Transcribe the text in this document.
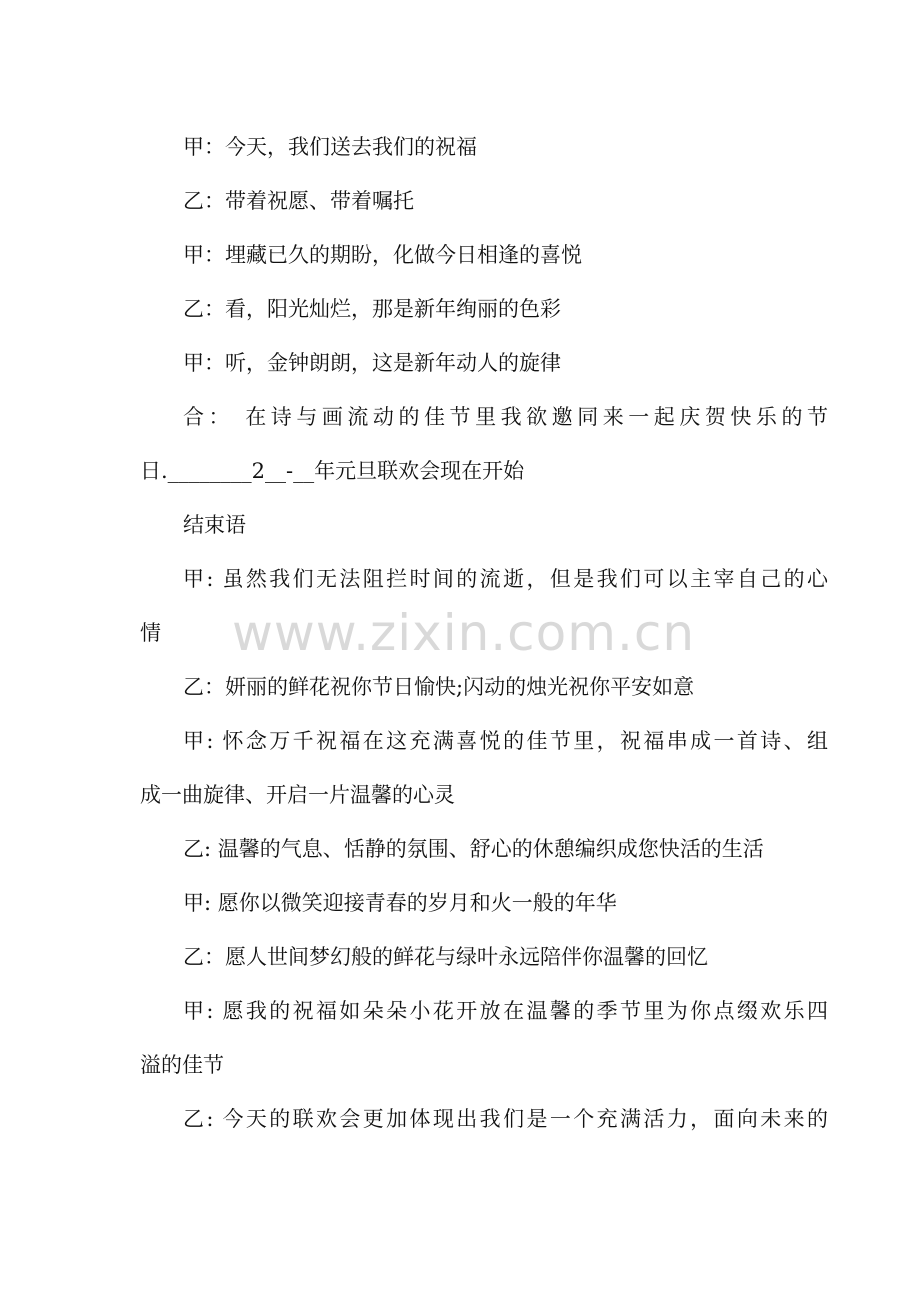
甲：今天，我们送去我们的祝福

乙：带着祝愿、带着嘱托

甲：埋藏已久的期盼，化做今日相逢的喜悦

乙：看，阳光灿烂，那是新年绚丽的色彩

甲：听，金钟朗朗，这是新年动人的旋律

合： 在诗与画流动的佳节里我欲邀同来一起庆贺快乐的节

日.________2__-__年元旦联欢会现在开始

结束语

甲: 虽然我们无法阻拦时间的流逝，但是我们可以主宰自己的心

情

乙：妍丽的鲜花祝你节日愉快;闪动的烛光祝你平安如意

甲: 怀念万千祝福在这充满喜悦的佳节里，祝福串成一首诗、组

成一曲旋律、开启一片温馨的心灵

乙: 温馨的气息、恬静的氛围、舒心的休憩编织成您快活的生活

甲: 愿你以微笑迎接青春的岁月和火一般的年华

乙：愿人世间梦幻般的鲜花与绿叶永远陪伴你温馨的回忆

甲: 愿我的祝福如朵朵小花开放在温馨的季节里为你点缀欢乐四

溢的佳节

乙: 今天的联欢会更加体现出我们是一个充满活力，面向未来的

www.zixin.com.cn
